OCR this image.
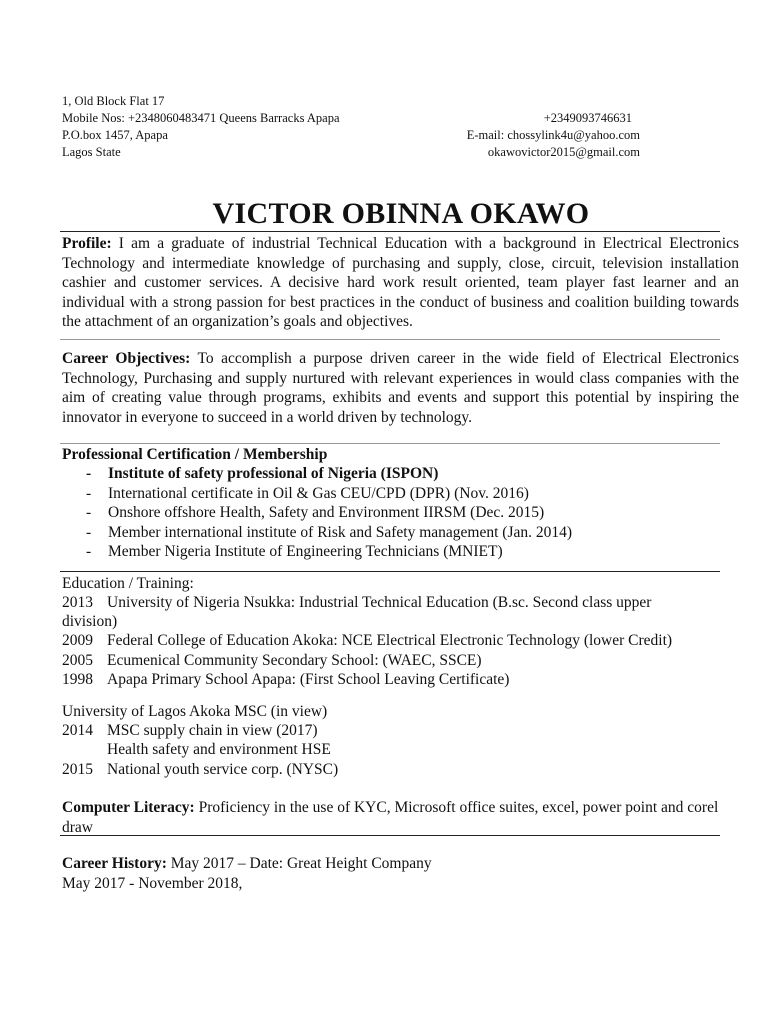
1, Old Block Flat 17
Mobile Nos: +2348060483471 Queens Barracks Apapa
P.O.box 1457, Apapa
Lagos State
+2349093746631
E-mail: chossylink4u@yahoo.com
okawovictor2015@gmail.com
VICTOR OBINNA OKAWO
Profile: I am a graduate of industrial Technical Education with a background in Electrical Electronics Technology and intermediate knowledge of purchasing and supply, close, circuit, television installation cashier and customer services. A decisive hard work result oriented, team player fast learner and an individual with a strong passion for best practices in the conduct of business and coalition building towards the attachment of an organization’s goals and objectives.
Career Objectives: To accomplish a purpose driven career in the wide field of Electrical Electronics Technology, Purchasing and supply nurtured with relevant experiences in would class companies with the aim of creating value through programs, exhibits and events and support this potential by inspiring the innovator in everyone to succeed in a world driven by technology.
Professional Certification / Membership
- Institute of safety professional of Nigeria (ISPON)
- International certificate in Oil & Gas CEU/CPD (DPR) (Nov. 2016)
- Onshore offshore Health, Safety and Environment IIRSM (Dec. 2015)
- Member international institute of Risk and Safety management (Jan. 2014)
- Member Nigeria Institute of Engineering Technicians (MNIET)
Education / Training:
2013 University of Nigeria Nsukka: Industrial Technical Education (B.sc. Second class upper
division)
2009 Federal College of Education Akoka: NCE Electrical Electronic Technology (lower Credit)
2005 Ecumenical Community Secondary School: (WAEC, SSCE)
1998 Apapa Primary School Apapa: (First School Leaving Certificate)
University of Lagos Akoka MSC (in view)
2014 MSC supply chain in view (2017)
Health safety and environment HSE
2015 National youth service corp. (NYSC)
Computer Literacy: Proficiency in the use of KYC, Microsoft office suites, excel, power point and corel draw
Career History: May 2017 – Date: Great Height Company
May 2017 - November 2018,
